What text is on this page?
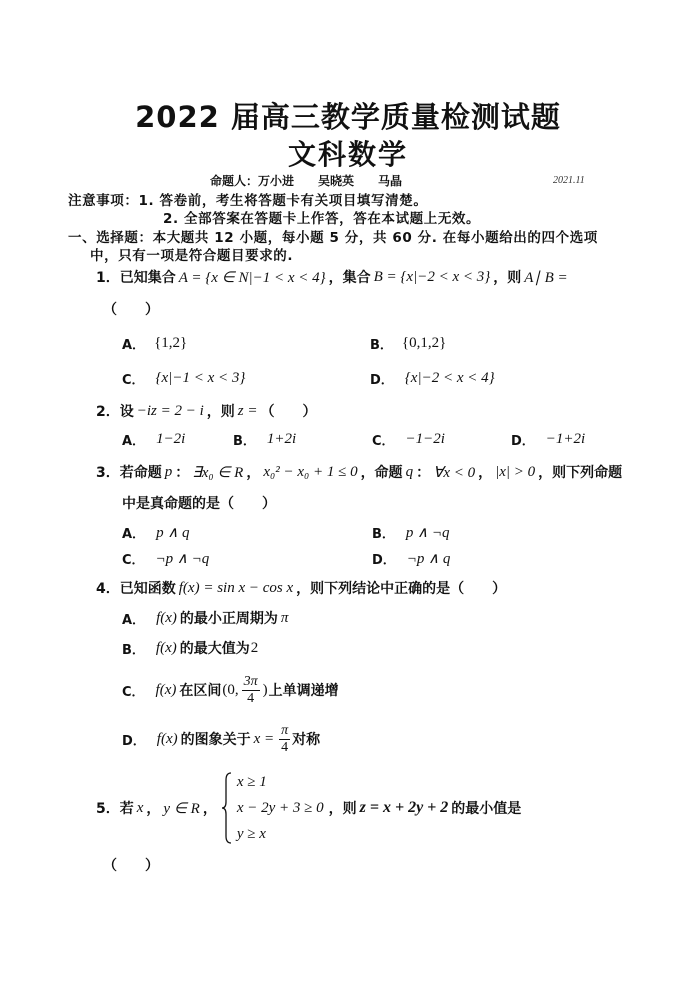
2022 届高三教学质量检测试题
文科数学
命题人：万小进　　吴晓英　　马晶	2021.11
注意事项： 1. 答卷前，考生将答题卡有关项目填写清楚。
2. 全部答案在答题卡上作答，答在本试题上无效。
一、选择题：本大题共 12 小题，每小题 5 分，共 60 分. 在每小题给出的四个选项
中，只有一项是符合题目要求的.
1． 已知集合 A = {x ∈ N|−1 < x < 4} ，集合 B = {x|−2 < x < 3} ，则 A∣ B =
（　　）
A． {1,2}	B． {0,1,2}
C． {x|−1 < x < 3}	D． {x|−2 < x < 4}
2． 设 −iz = 2 − i ，则 z = （　　）
A． 1−2i	B． 1+2i	C． −1−2i	D． −1+2i
3． 若命题 p ： ∃x₀ ∈ R ， x₀² − x₀ + 1 ≤ 0 ，命题 q ： ∀x < 0 ， |x| > 0 ，则下列命题
中是真命题的是（　　）
A． p ∧ q	B． p ∧ ¬q
C． ¬p ∧ ¬q	D． ¬p ∧ q
4． 已知函数 f(x) = sin x − cos x ，则下列结论中正确的是（　　）
A． f(x) 的最小正周期为 π
B． f(x) 的最大值为 2
C． f(x) 在区间 (0, $\frac{3\pi}{4}$ ) 上单调递增
D． f(x) 的图象关于 $x = \frac{\pi}{4}$ 对称
5． 若 x ， y ∈ R ，
x ≥ 1
x − 2y + 3 ≥ 0
y ≥ x
，则 z = x + 2y + 2 的最小值是
（　　）
